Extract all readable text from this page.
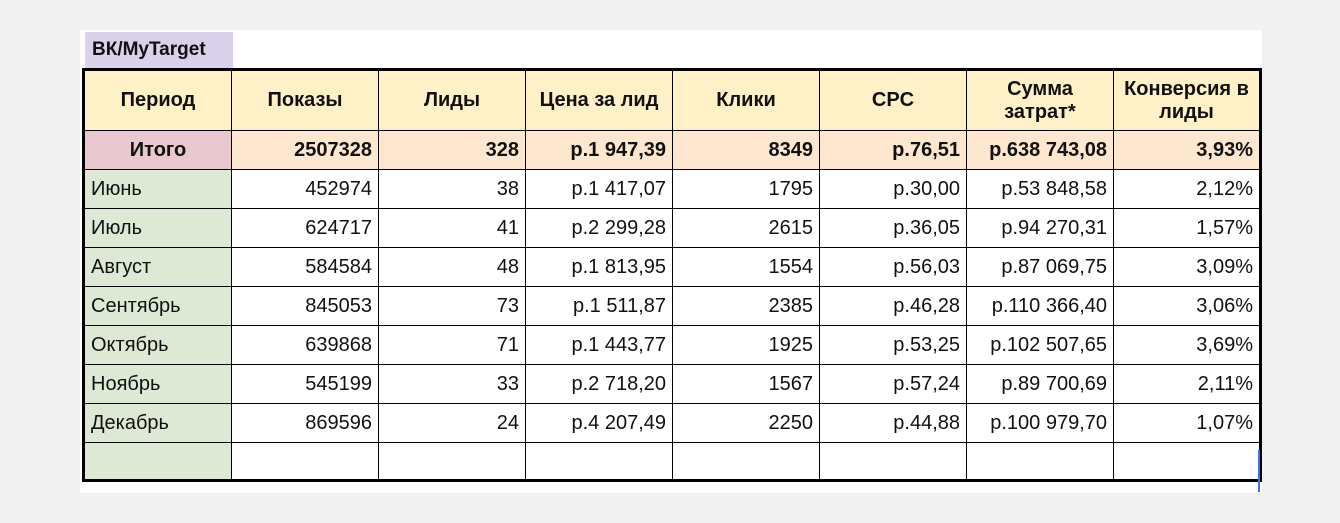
ВК/MyTarget
Период	Показы	Лиды	Цена за лид	Клики	CPC	Сумма затрат*	Конверсия в лиды
Итого	2507328	328	р.1 947,39	8349	р.76,51	р.638 743,08	3,93%
Июнь	452974	38	р.1 417,07	1795	р.30,00	р.53 848,58	2,12%
Июль	624717	41	р.2 299,28	2615	р.36,05	р.94 270,31	1,57%
Август	584584	48	р.1 813,95	1554	р.56,03	р.87 069,75	3,09%
Сентябрь	845053	73	р.1 511,87	2385	р.46,28	р.110 366,40	3,06%
Октябрь	639868	71	р.1 443,77	1925	р.53,25	р.102 507,65	3,69%
Ноябрь	545199	33	р.2 718,20	1567	р.57,24	р.89 700,69	2,11%
Декабрь	869596	24	р.4 207,49	2250	р.44,88	р.100 979,70	1,07%
